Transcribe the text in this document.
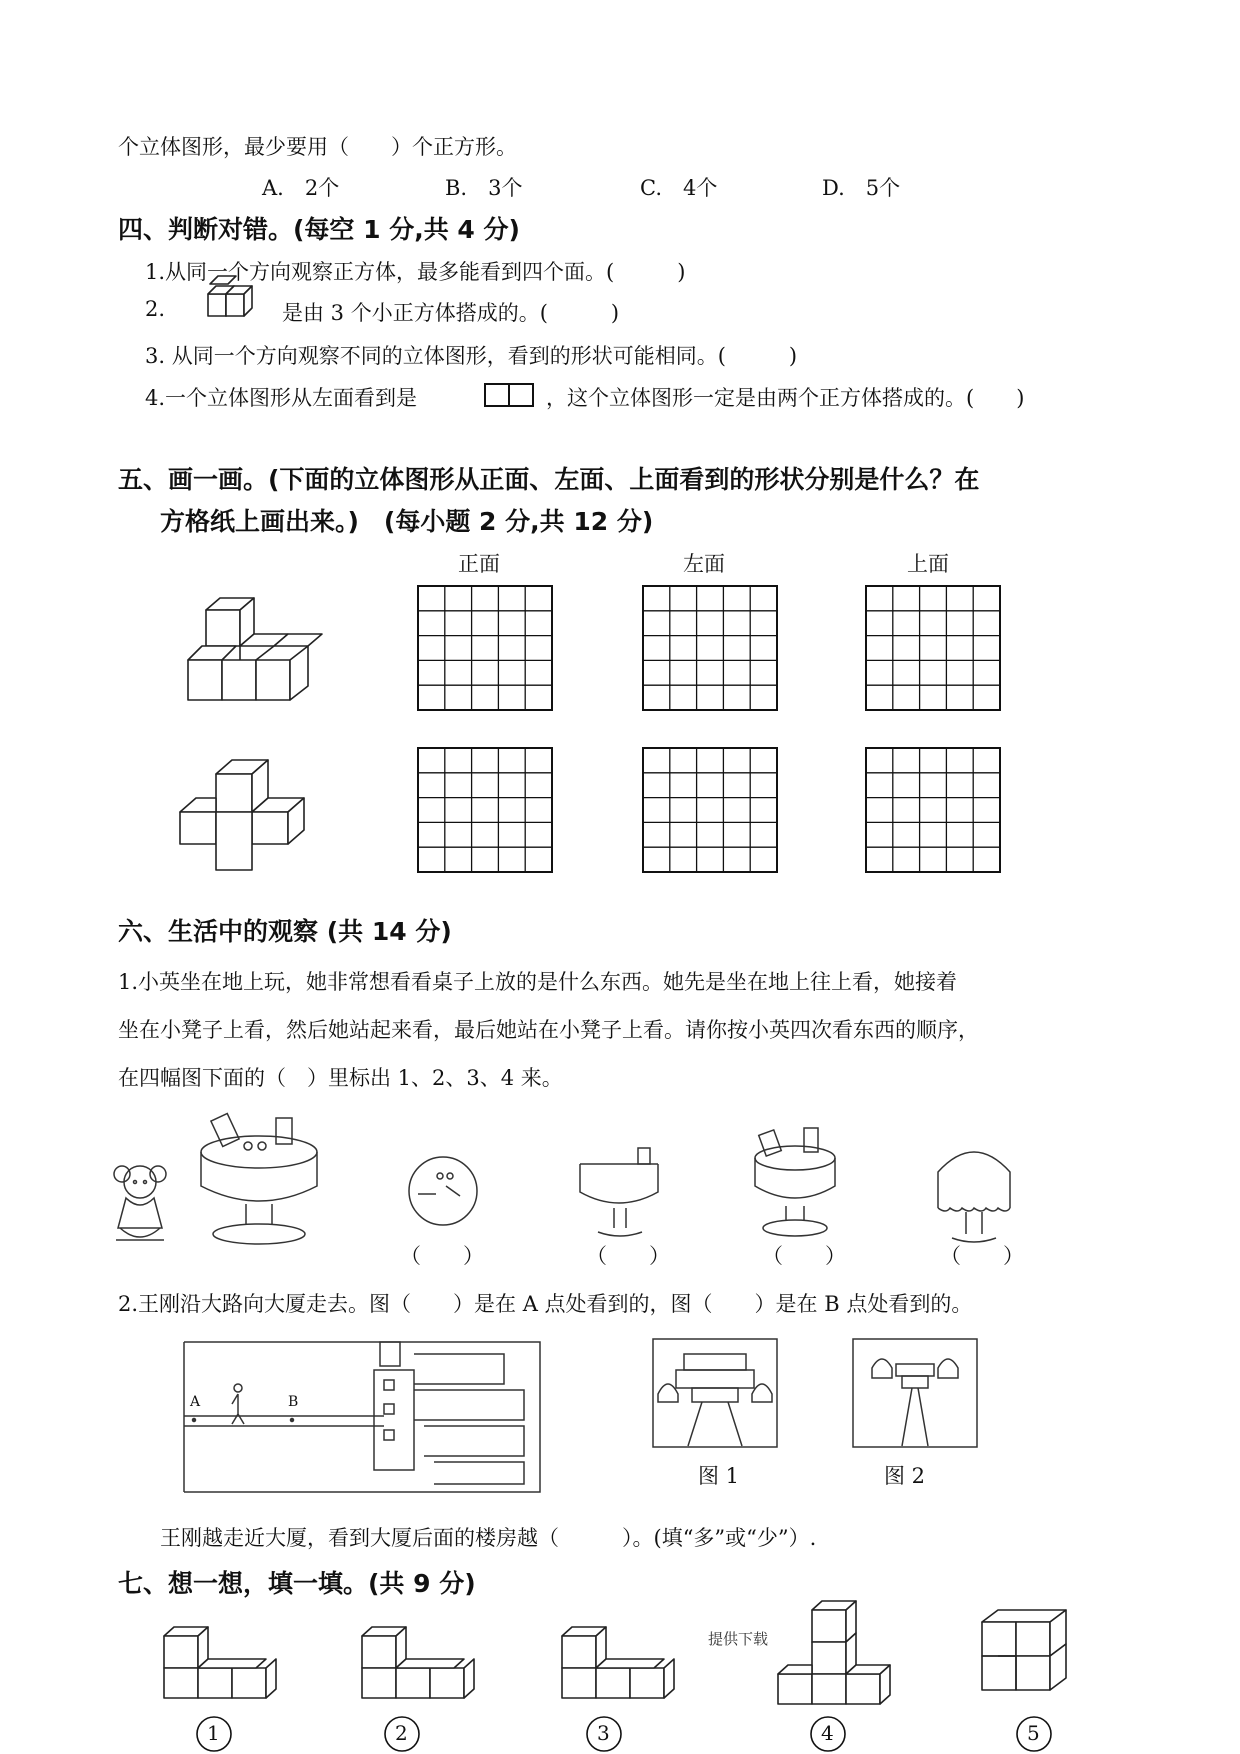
个立体图形，最少要用（　　）个正方形。
A.　2个	B.　3个	C.　4个	D.　5个
四、判断对错。(每空 1 分,共 4 分)
1.从同一个方向观察正方体，最多能看到四个面。(　　　)
2.	是由 3 个小正方体搭成的。(　　　)
3. 从同一个方向观察不同的立体图形，看到的形状可能相同。(　　　)
4.一个立体图形从左面看到是	，这个立体图形一定是由两个正方体搭成的。(　　)
五、画一画。(下面的立体图形从正面、左面、上面看到的形状分别是什么？在
方格纸上画出来。)　(每小题 2 分,共 12 分)
正面	左面	上面
六、生活中的观察 (共 14 分)
1.小英坐在地上玩，她非常想看看桌子上放的是什么东西。她先是坐在地上往上看，她接着
坐在小凳子上看，然后她站起来看，最后她站在小凳子上看。请你按小英四次看东西的顺序，
在四幅图下面的（　）里标出 1、2、3、4 来。
（　　）	（　　）	（　　）	（　　）
2.王刚沿大路向大厦走去。图（　　）是在 A 点处看到的，图（　　）是在 B 点处看到的。
A	B
图 1	图 2
王刚越走近大厦，看到大厦后面的楼房越（　　　）。(填“多”或“少”）.
七、想一想，填一填。(共 9 分)
提供下载
1	2	3	4	5
